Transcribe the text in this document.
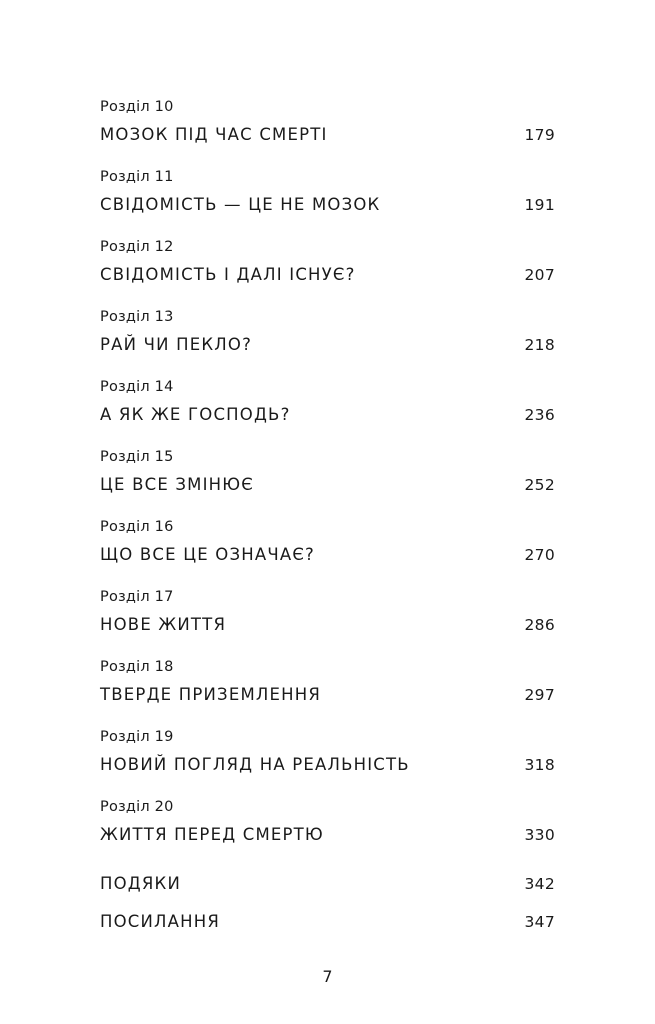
Розділ 10
МОЗОК ПІД ЧАС СМЕРТІ	179
Розділ 11
СВІДОМІСТЬ — ЦЕ НЕ МОЗОК	191
Розділ 12
СВІДОМІСТЬ І ДАЛІ ІСНУЄ?	207
Розділ 13
РАЙ ЧИ ПЕКЛО?	218
Розділ 14
А ЯК ЖЕ ГОСПОДЬ?	236
Розділ 15
ЦЕ ВСЕ ЗМІНЮЄ	252
Розділ 16
ЩО ВСЕ ЦЕ ОЗНАЧАЄ?	270
Розділ 17
НОВЕ ЖИТТЯ	286
Розділ 18
ТВЕРДЕ ПРИЗЕМЛЕННЯ	297
Розділ 19
НОВИЙ ПОГЛЯД НА РЕАЛЬНІСТЬ	318
Розділ 20
ЖИТТЯ ПЕРЕД СМЕРТЮ	330
ПОДЯКИ	342
ПОСИЛАННЯ	347
7
